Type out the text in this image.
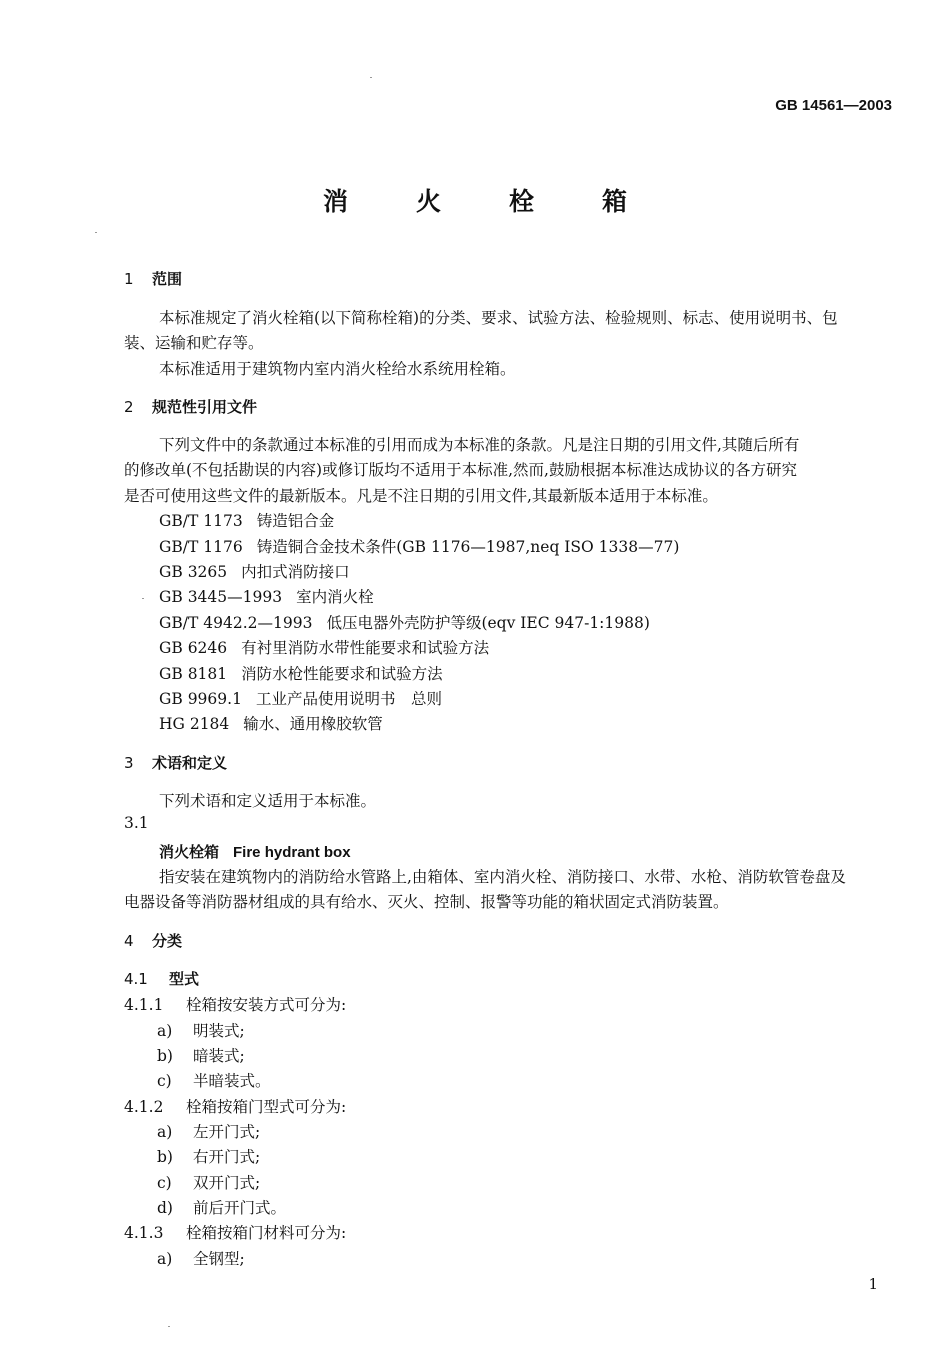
GB 14561—2003
消	火	栓	箱
1 范围
本标准规定了消火栓箱(以下简称栓箱)的分类、要求、试验方法、检验规则、标志、使用说明书、包
装、运输和贮存等。
本标准适用于建筑物内室内消火栓给水系统用栓箱。
2 规范性引用文件
下列文件中的条款通过本标准的引用而成为本标准的条款。凡是注日期的引用文件,其随后所有
的修改单(不包括勘误的内容)或修订版均不适用于本标准,然而,鼓励根据本标准达成协议的各方研究
是否可使用这些文件的最新版本。凡是不注日期的引用文件,其最新版本适用于本标准。
GB/T 1173 铸造铝合金
GB/T 1176 铸造铜合金技术条件(GB 1176—1987,neq ISO 1338—77)
GB 3265 内扣式消防接口
GB 3445—1993 室内消火栓
GB/T 4942.2—1993 低压电器外壳防护等级(eqv IEC 947-1:1988)
GB 6246 有衬里消防水带性能要求和试验方法
GB 8181 消防水枪性能要求和试验方法
GB 9969.1 工业产品使用说明书　总则
HG 2184 输水、通用橡胶软管
3 术语和定义
下列术语和定义适用于本标准。
3.1
消火栓箱 Fire hydrant box
指安装在建筑物内的消防给水管路上,由箱体、室内消火栓、消防接口、水带、水枪、消防软管卷盘及
电器设备等消防器材组成的具有给水、灭火、控制、报警等功能的箱状固定式消防装置。
4 分类
4.1 型式
4.1.1 栓箱按安装方式可分为:
a) 明装式;
b) 暗装式;
c) 半暗装式。
4.1.2 栓箱按箱门型式可分为:
a) 左开门式;
b) 右开门式;
c) 双开门式;
d) 前后开门式。
4.1.3 栓箱按箱门材料可分为:
a) 全钢型;
1
